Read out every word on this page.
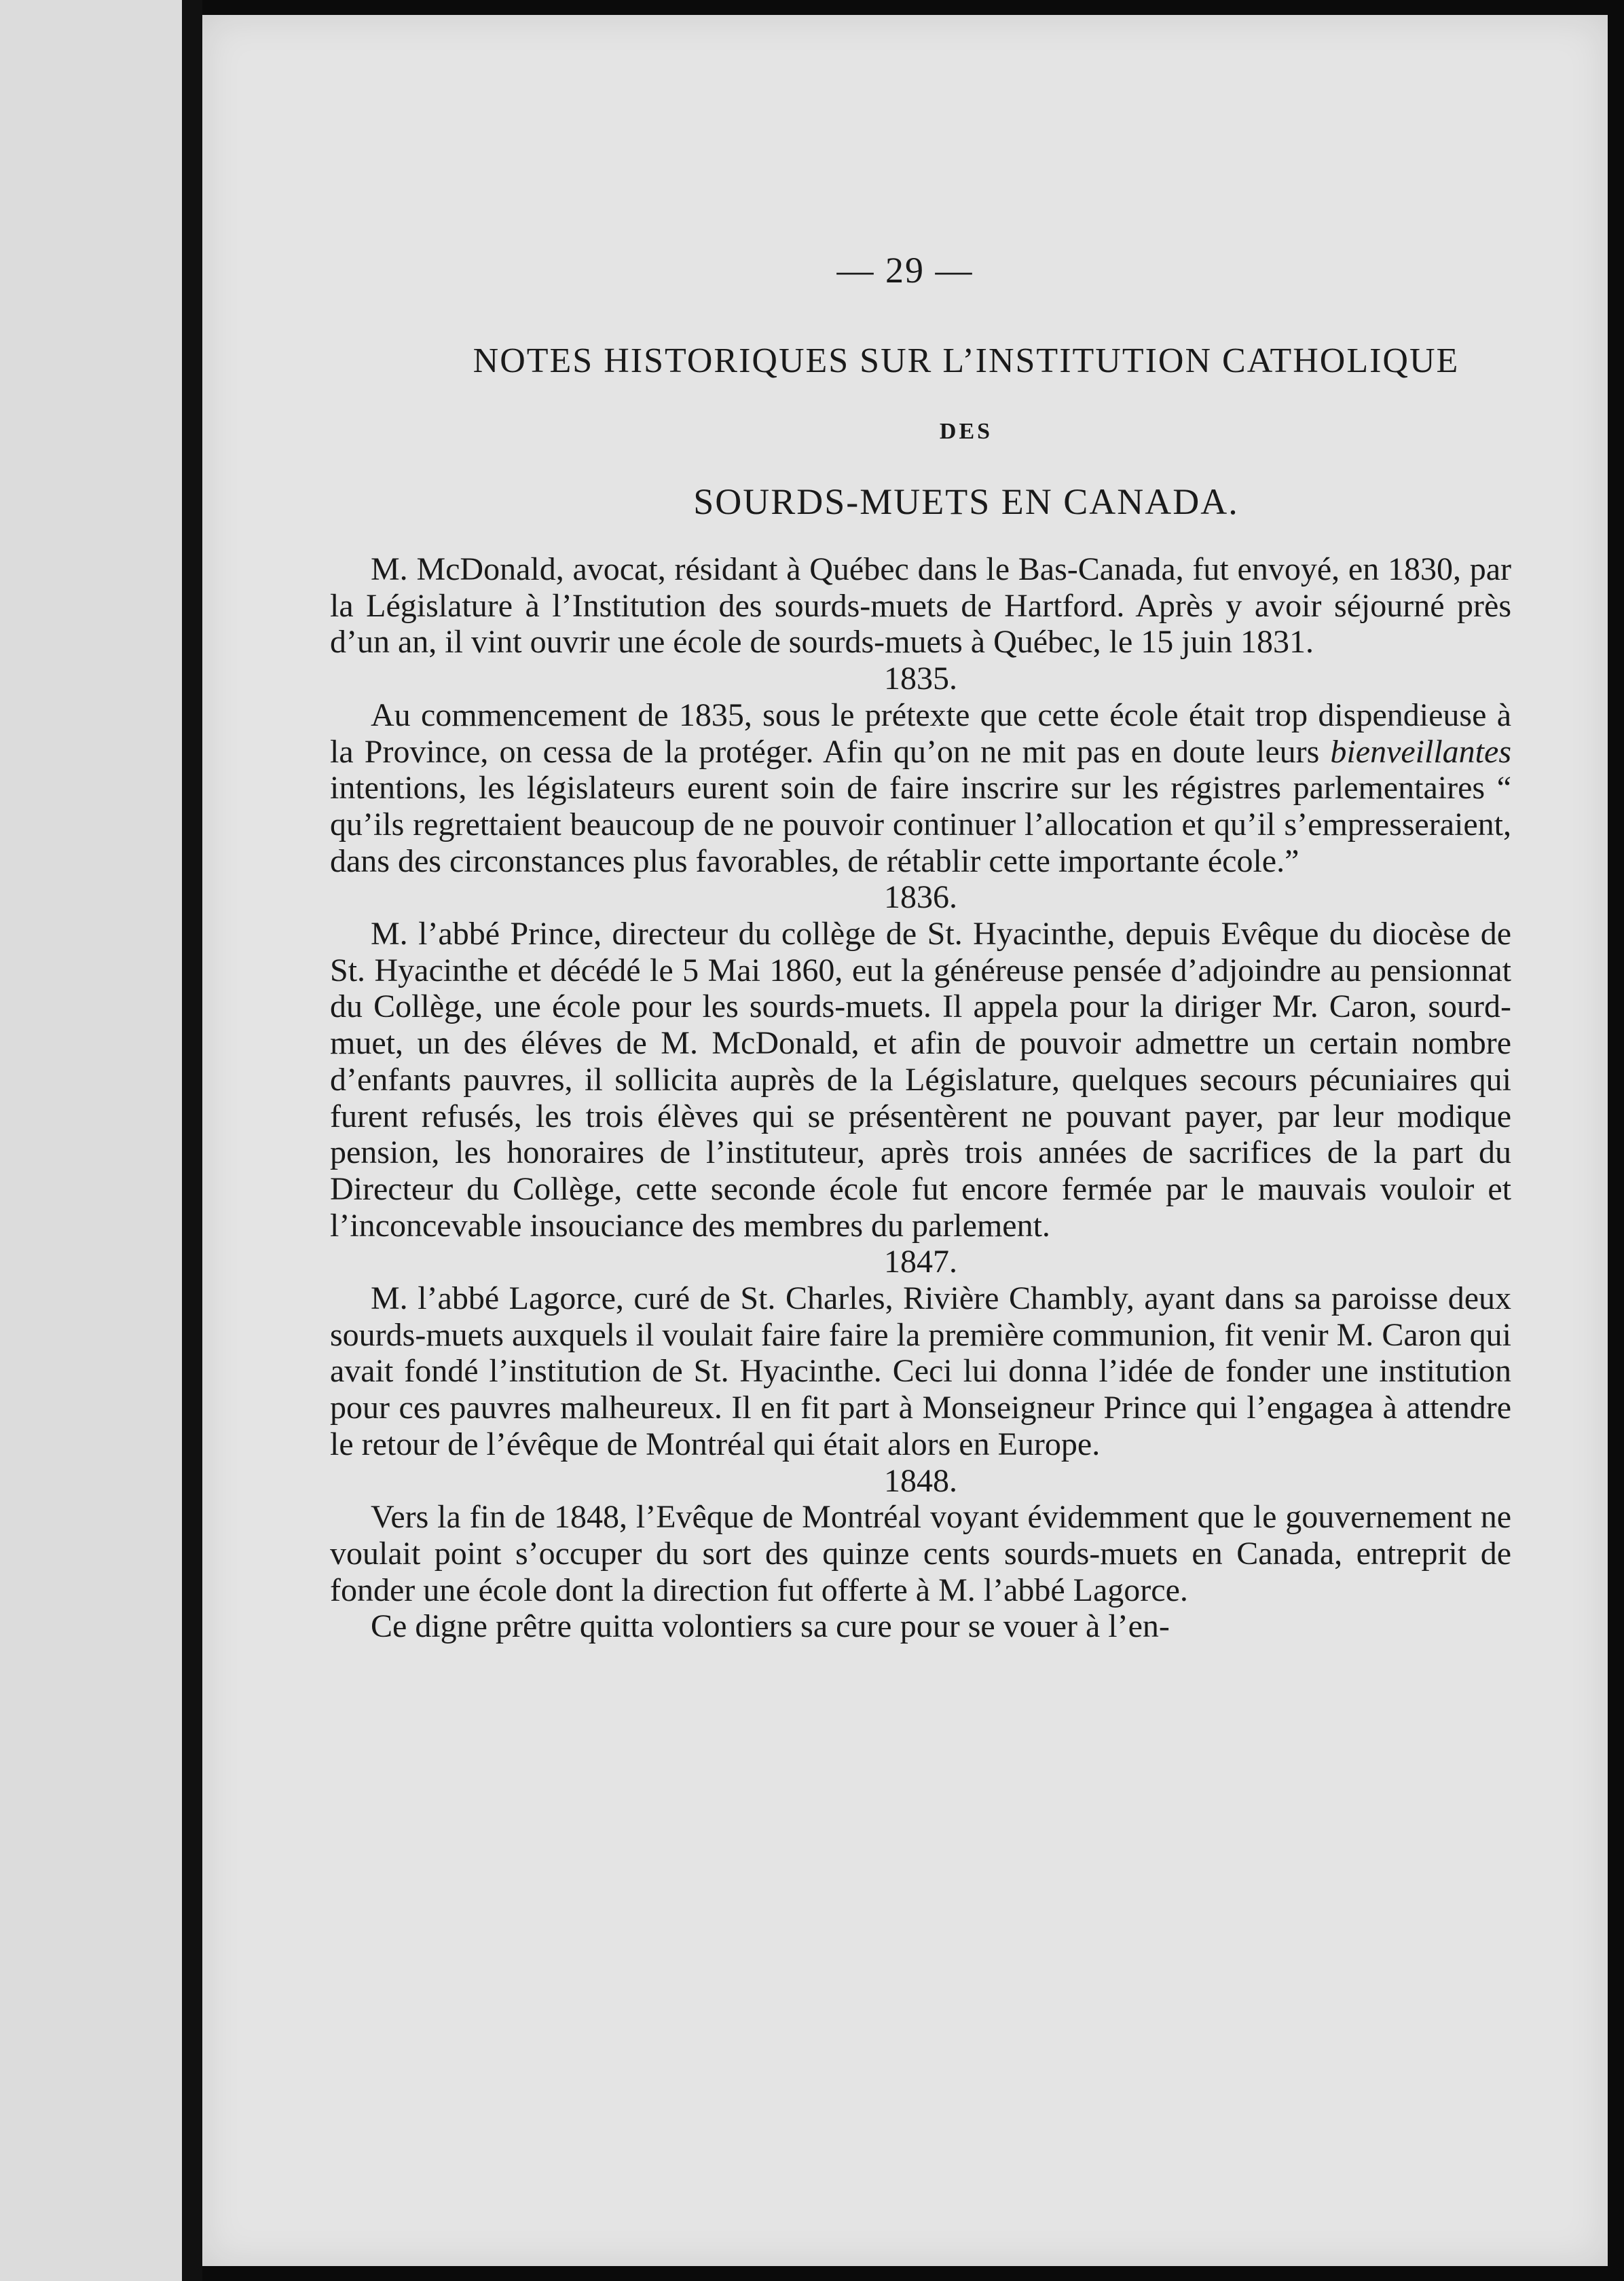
— 29 —
NOTES HISTORIQUES SUR L’INSTITUTION CATHOLIQUE
DES
SOURDS-MUETS EN CANADA.

M. McDonald, avocat, résidant à Québec dans le Bas-Canada, fut envoyé, en 1830, par la Législature à l’Institution des sourds-muets de Hartford. Après y avoir séjourné près d’un an, il vint ouvrir une école de sourds-muets à Québec, le 15 juin 1831.

1835.

Au commencement de 1835, sous le prétexte que cette école était trop dispendieuse à la Province, on cessa de la protéger. Afin qu’on ne mit pas en doute leurs bienveillantes intentions, les législateurs eurent soin de faire inscrire sur les régistres parlementaires “ qu’ils regrettaient beaucoup de ne pouvoir continuer l’allocation et qu’il s’empresseraient, dans des circonstances plus favorables, de rétablir cette importante école.”

1836.

M. l’abbé Prince, directeur du collège de St. Hyacinthe, depuis Evêque du diocèse de St. Hyacinthe et décédé le 5 Mai 1860, eut la généreuse pensée d’adjoindre au pensionnat du Collège, une école pour les sourds-muets. Il appela pour la diriger Mr. Caron, sourd-muet, un des éléves de M. McDonald, et afin de pouvoir admettre un certain nombre d’enfants pauvres, il sollicita auprès de la Législature, quelques secours pécuniaires qui furent refusés, les trois élèves qui se présentèrent ne pouvant payer, par leur modique pension, les honoraires de l’instituteur, après trois années de sacrifices de la part du Directeur du Collège, cette seconde école fut encore fermée par le mauvais vouloir et l’inconcevable insouciance des membres du parlement.

1847.

M. l’abbé Lagorce, curé de St. Charles, Rivière Chambly, ayant dans sa paroisse deux sourds-muets auxquels il voulait faire faire la première communion, fit venir M. Caron qui avait fondé l’institution de St. Hyacinthe. Ceci lui donna l’idée de fonder une institution pour ces pauvres malheureux. Il en fit part à Monseigneur Prince qui l’engagea à attendre le retour de l’évêque de Montréal qui était alors en Europe.

1848.

Vers la fin de 1848, l’Evêque de Montréal voyant évidemment que le gouvernement ne voulait point s’occuper du sort des quinze cents sourds-muets en Canada, entreprit de fonder une école dont la direction fut offerte à M. l’abbé Lagorce.

Ce digne prêtre quitta volontiers sa cure pour se vouer à l’en-
